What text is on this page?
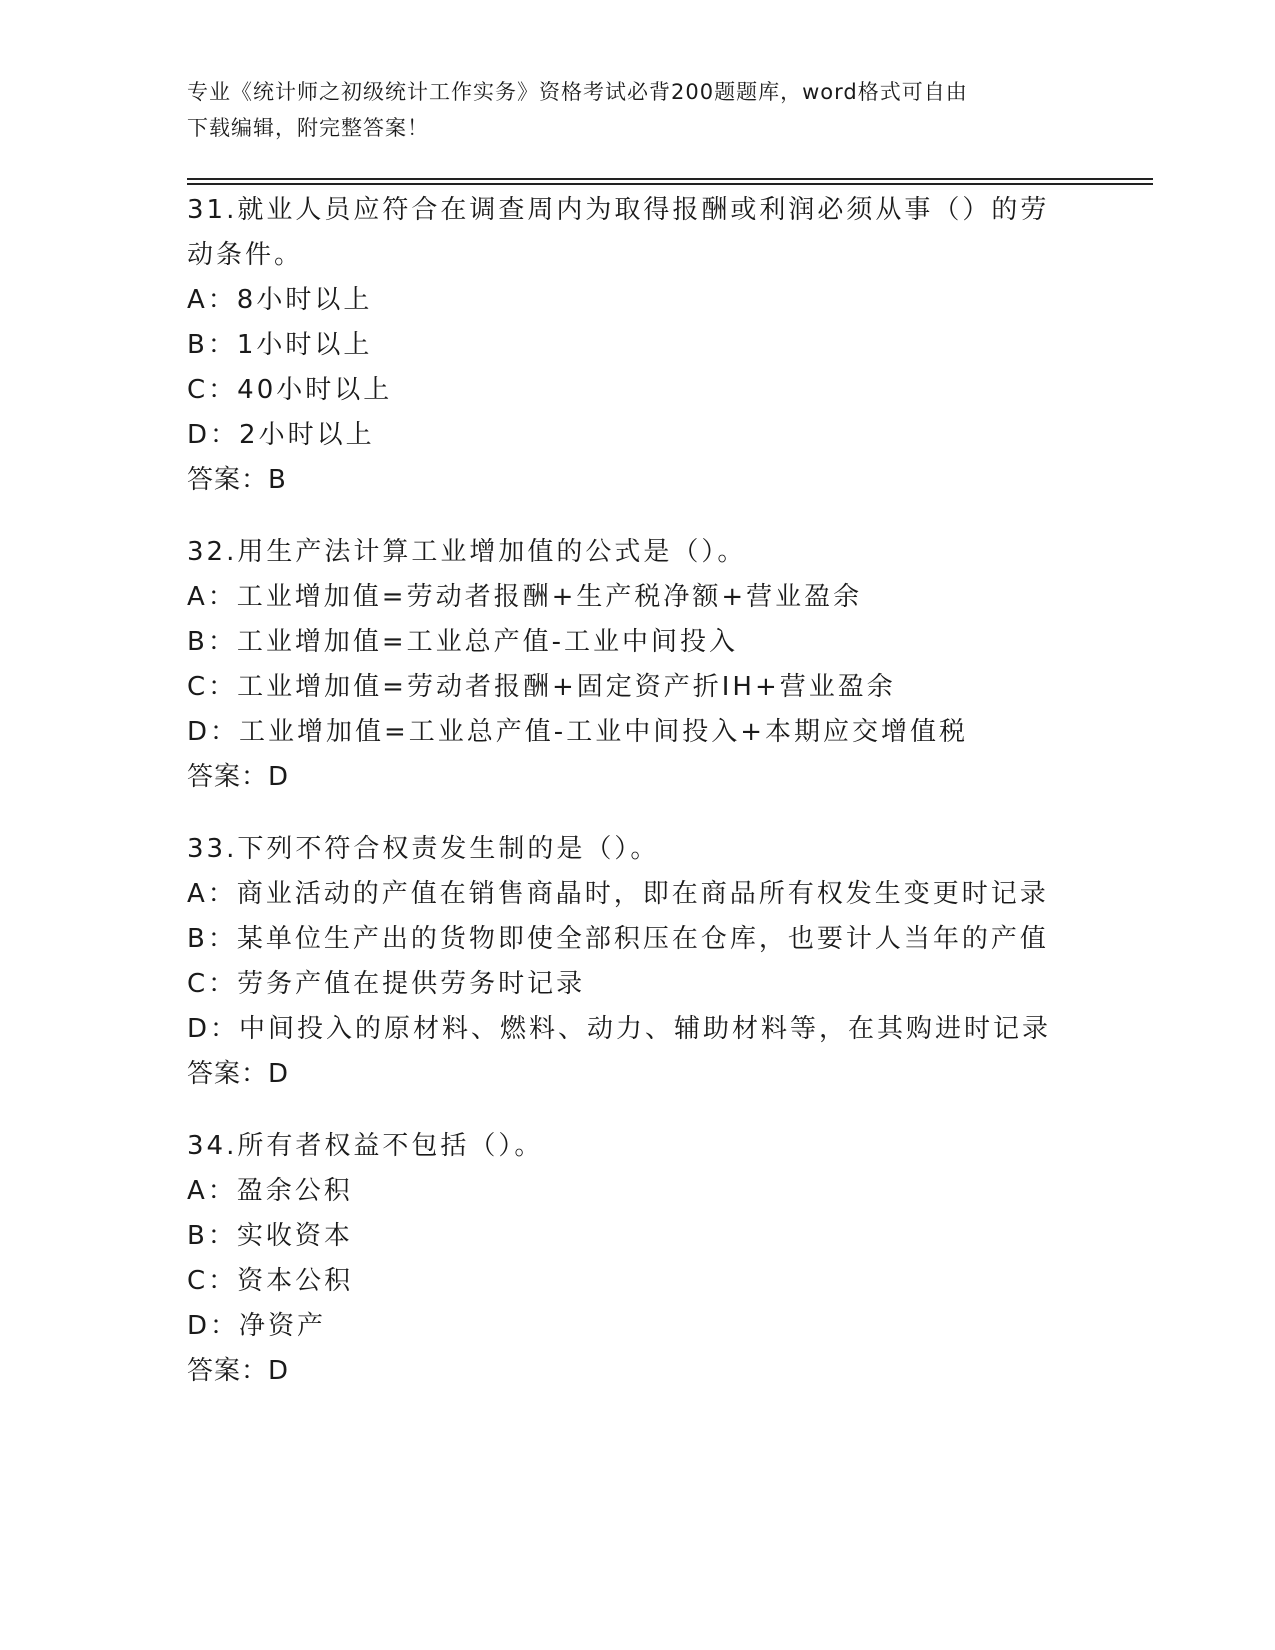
专业《统计师之初级统计工作实务》资格考试必背200题题库，word格式可自由
下载编辑，附完整答案！
31.就业人员应符合在调查周内为取得报酬或利润必须从事（）的劳动条件。
A：8小时以上
B：1小时以上
C：40小时以上
D：2小时以上
答案：B
32.用生产法计算工业增加值的公式是（）。
A：工业增加值=劳动者报酬+生产税净额+营业盈余
B：工业增加值=工业总产值-工业中间投入
C：工业增加值=劳动者报酬+固定资产折IH+营业盈余
D：工业增加值=工业总产值-工业中间投入+本期应交增值税
答案：D
33.下列不符合权责发生制的是（）。
A：商业活动的产值在销售商晶时，即在商品所有权发生变更时记录
B：某单位生产出的货物即使全部积压在仓库，也要计人当年的产值
C：劳务产值在提供劳务时记录
D：中间投入的原材料、燃料、动力、辅助材料等，在其购进时记录
答案：D
34.所有者权益不包括（）。
A：盈余公积
B：实收资本
C：资本公积
D：净资产
答案：D
